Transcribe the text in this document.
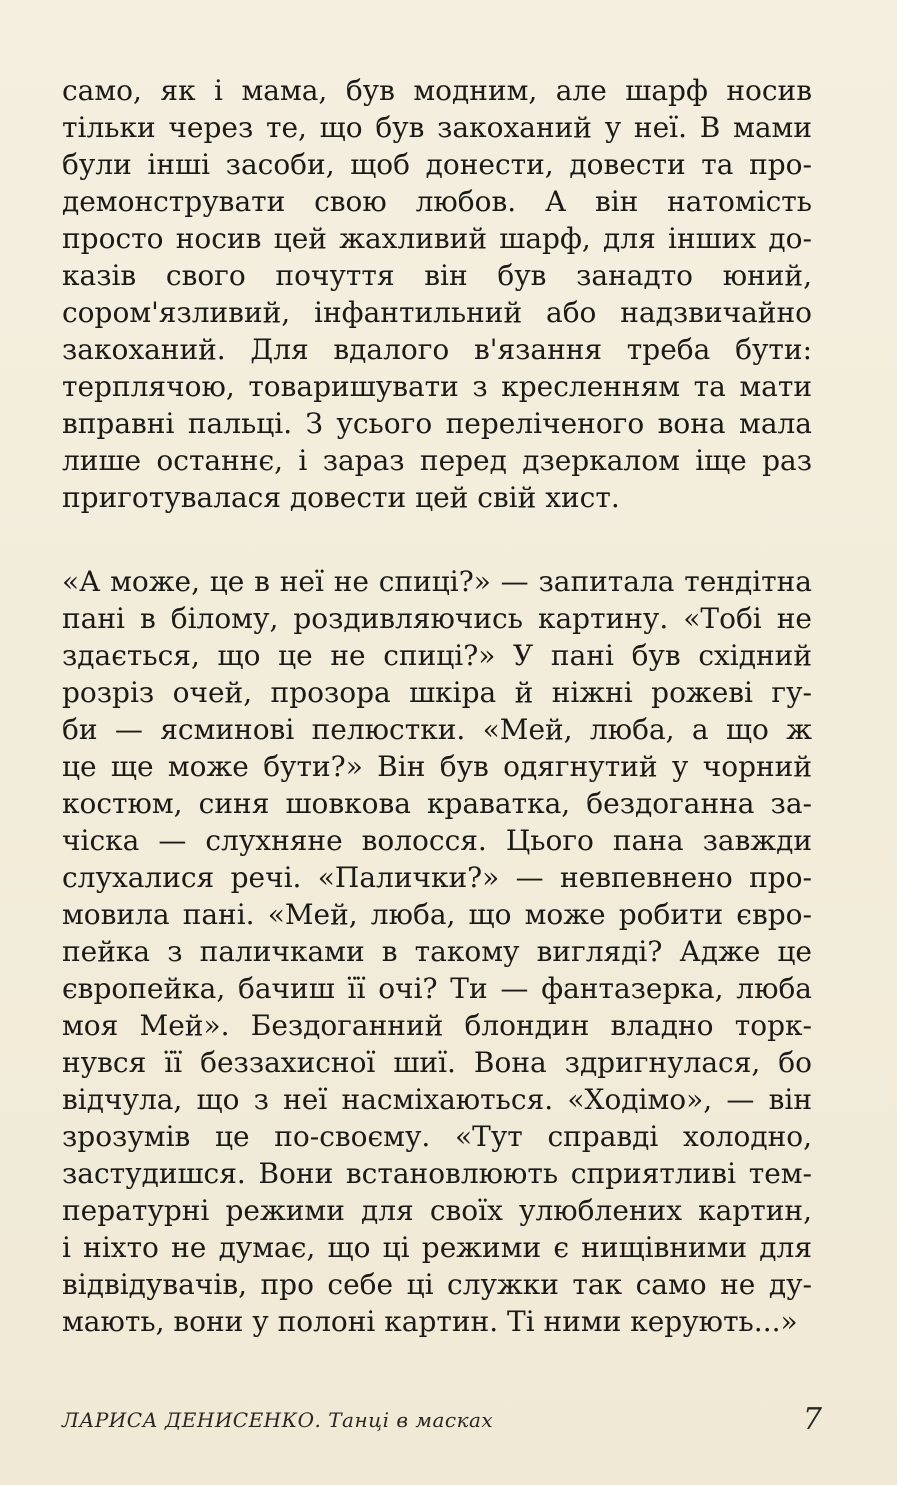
само, як і мама, був модним, але шарф носив
тільки через те, що був закоханий у неї. В мами
були інші засоби, щоб донести, довести та про-
демонструвати свою любов. А він натомість
просто носив цей жахливий шарф, для інших до-
казів свого почуття він був занадто юний,
сором'язливий, інфантильний або надзвичайно
закоханий. Для вдалого в'язання треба бути:
терплячою, товаришувати з кресленням та мати
вправні пальці. З усього переліченого вона мала
лише останнє, і зараз перед дзеркалом іще раз
приготувалася довести цей свій хист.
«А може, це в неї не спиці?» — запитала тендітна
пані в білому, роздивляючись картину. «Тобі не
здається, що це не спиці?» У пані був східний
розріз очей, прозора шкіра й ніжні рожеві гу-
би — ясминові пелюстки. «Мей, люба, а що ж
це ще може бути?» Він був одягнутий у чорний
костюм, синя шовкова краватка, бездоганна за-
чіска — слухняне волосся. Цього пана завжди
слухалися речі. «Палички?» — невпевнено про-
мовила пані. «Мей, люба, що може робити євро-
пейка з паличками в такому вигляді? Адже це
європейка, бачиш її очі? Ти — фантазерка, люба
моя Мей». Бездоганний блондин владно торк-
нувся її беззахисної шиї. Вона здригнулася, бо
відчула, що з неї насміхаються. «Ходімо», — він
зрозумів це по-своєму. «Тут справді холодно,
застудишся. Вони встановлюють сприятливі тем-
пературні режими для своїх улюблених картин,
і ніхто не думає, що ці режими є нищівними для
відвідувачів, про себе ці служки так само не ду-
мають, вони у полоні картин. Ті ними керують...»
ЛАРИСА ДЕНИСЕНКО. Танці в масках	7
